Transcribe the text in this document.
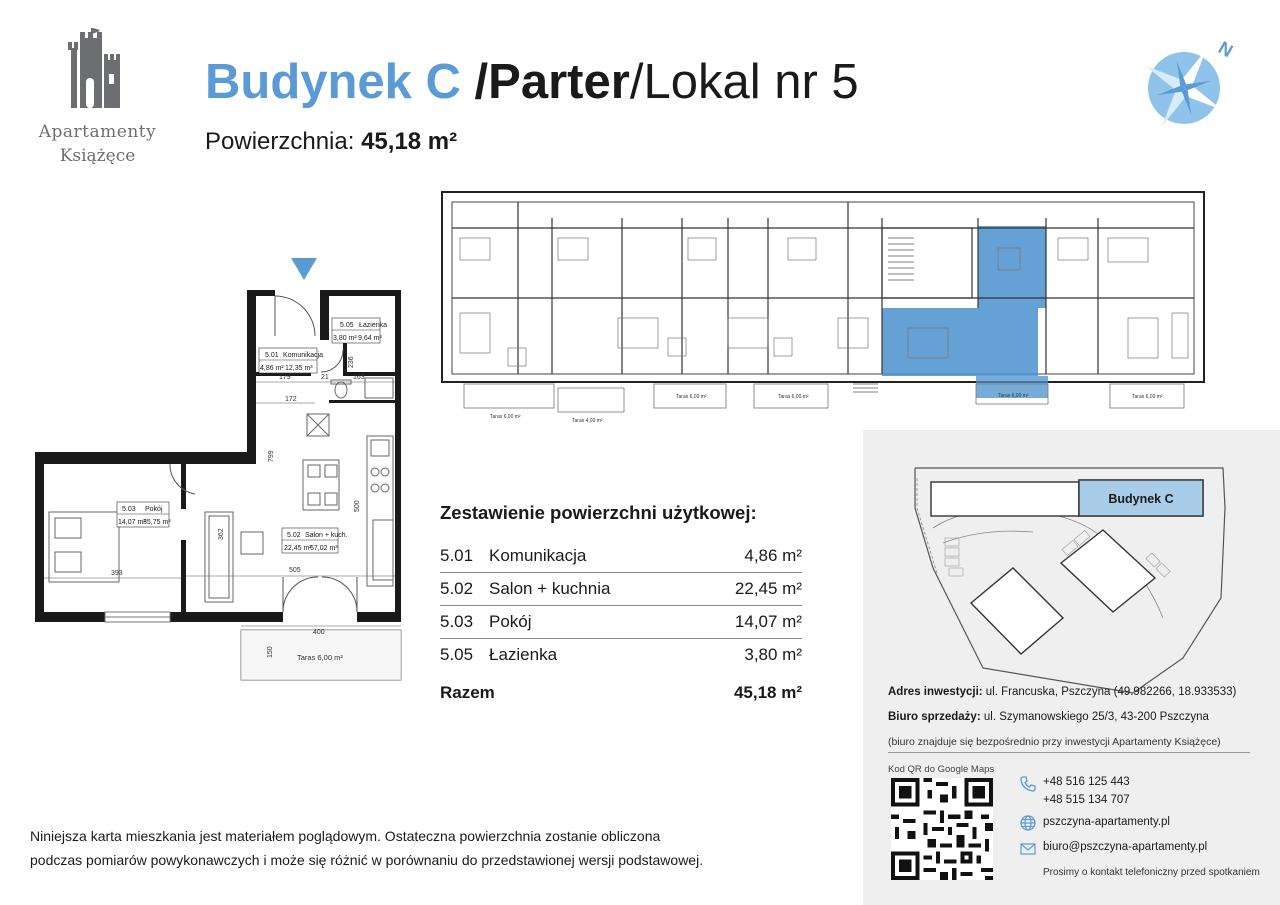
Apartamenty
Książęce
Budynek C /Parter/Lokal nr 5
Powierzchnia: 45,18 m²
N
5.05 Łazienka
3,80 m² 9,64 m³
5.01 Komunikacja
4,86 m² 12,35 m³
5.03 Pokój
14,07 m²
35,75 m³
5.02 Salon + kuch.
22,45 m²
57,02 m³
236
179	21	163
172
799
500
393
362
505
400
150	Taras 6,00 m²
Taras 6,00 m²
Taras 4,00 m²
Taras 6,00 m²	Taras 6,00 m²	Taras 6,00 m²	Taras 6,00 m²
Zestawienie powierzchni użytkowej:
5.01 Komunikacja	4,86 m²
5.02 Salon + kuchnia	22,45 m²
5.03 Pokój	14,07 m²
5.05 Łazienka	3,80 m²
Razem	45,18 m²
Niniejsza karta mieszkania jest materiałem poglądowym. Ostateczna powierzchnia zostanie obliczona
podczas pomiarów powykonawczych i może się różnić w porównaniu do przedstawionej wersji podstawowej.
Budynek C
Adres inwestycji: ul. Francuska, Pszczyna (49.982266, 18.933533)
Biuro sprzedaży: ul. Szymanowskiego 25/3, 43-200 Pszczyna
(biuro znajduje się bezpośrednio przy inwestycji Apartamenty Książęce)
Kod QR do Google Maps
+48 516 125 443
+48 515 134 707
pszczyna-apartamenty.pl
biuro@pszczyna-apartamenty.pl
Prosimy o kontakt telefoniczny przed spotkaniem
